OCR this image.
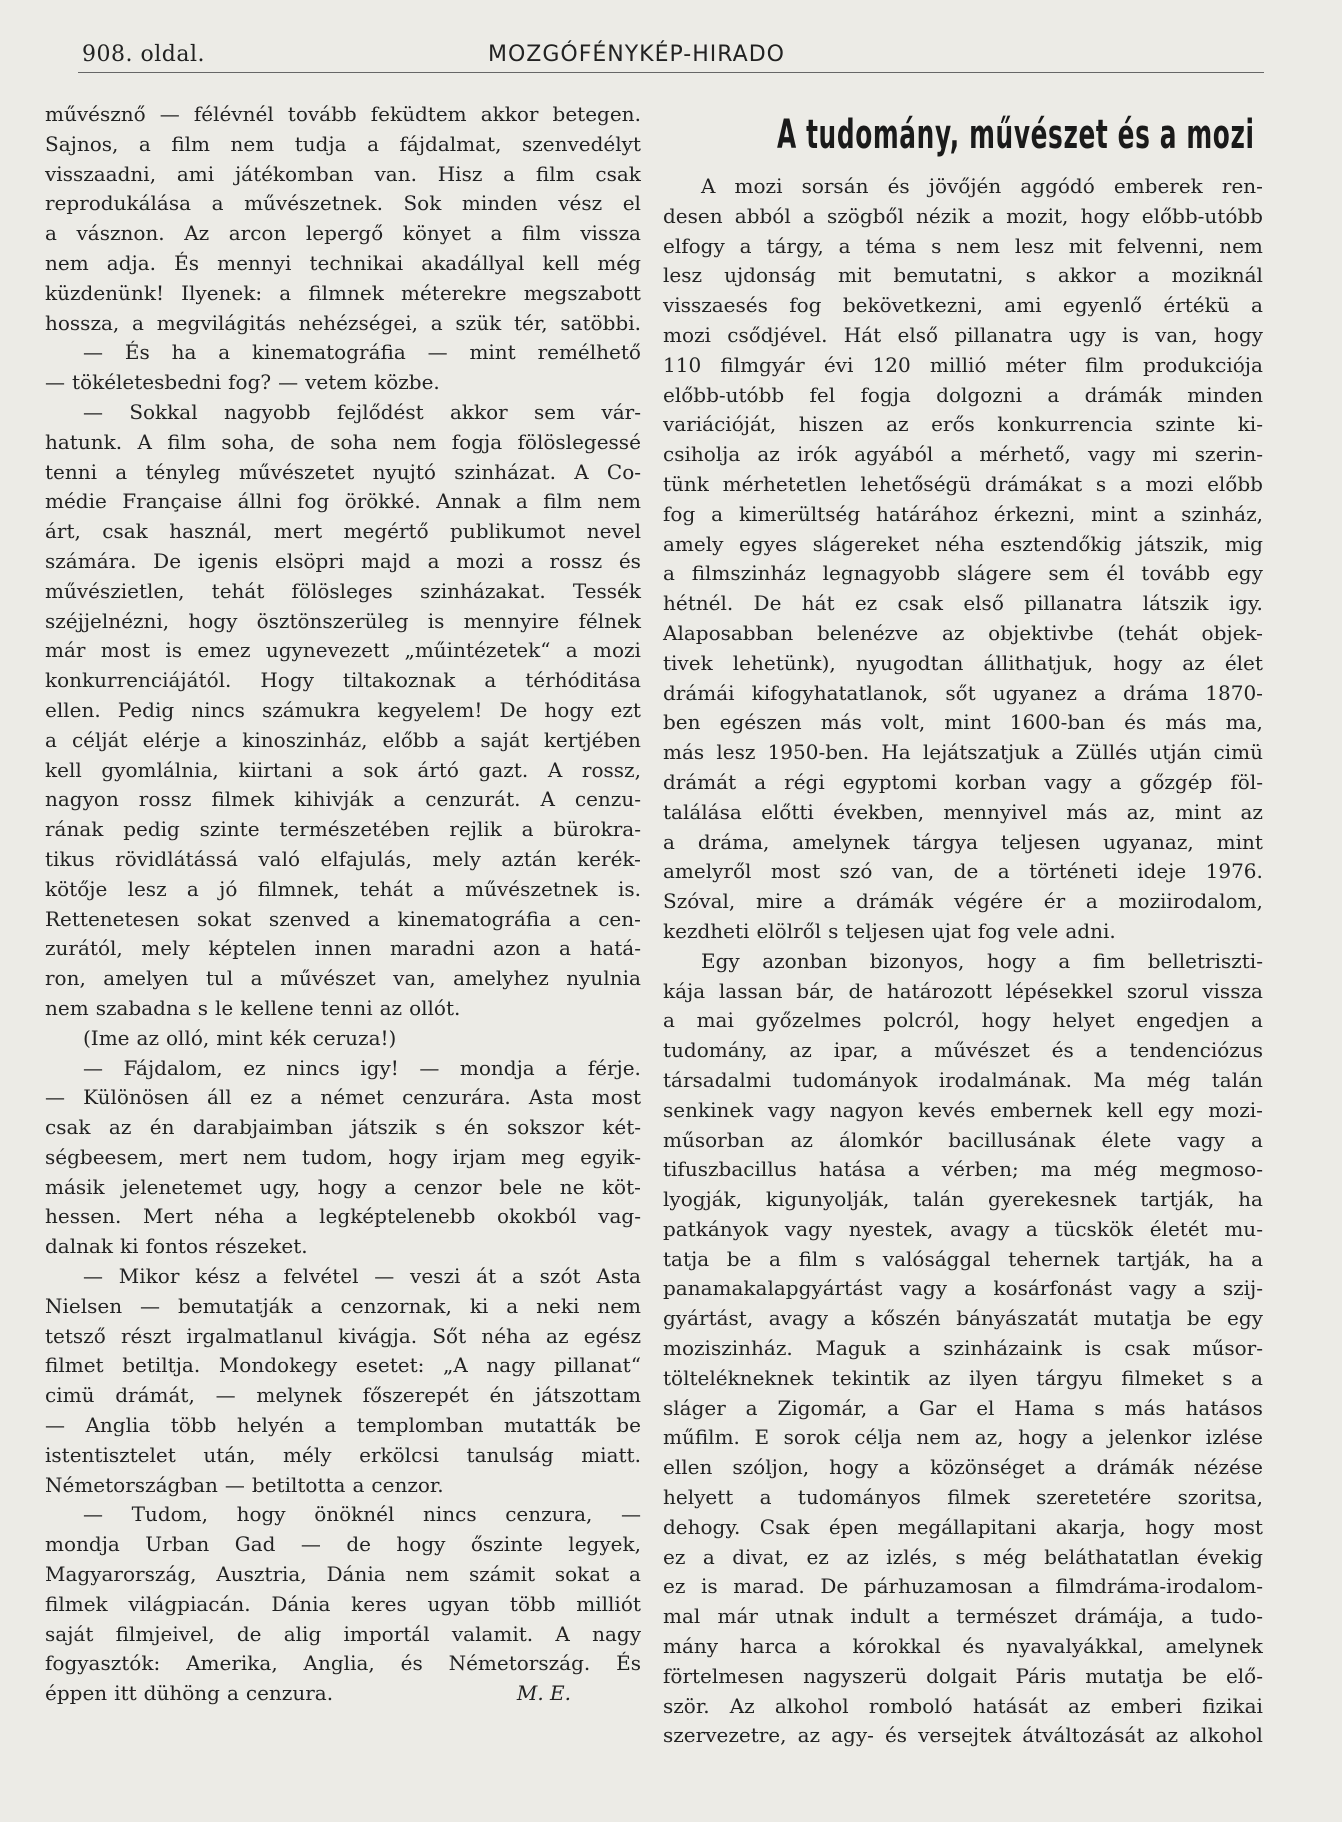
908. oldal.	MOZGÓFÉNYKÉP-HIRADO
művésznő — félévnél tovább feküdtem akkor betegen.
Sajnos, a film nem tudja a fájdalmat, szenvedélyt
visszaadni, ami játékomban van. Hisz a film csak
reprodukálása a művészetnek. Sok minden vész el
a vásznon. Az arcon lepergő könyet a film vissza
nem adja. És mennyi technikai akadállyal kell még
küzdenünk! Ilyenek: a filmnek méterekre megszabott
hossza, a megvilágitás nehézségei, a szük tér, satöbbi.
— És ha a kinematográfia — mint remélhető
— tökéletesbedni fog? — vetem közbe.
— Sokkal nagyobb fejlődést akkor sem vár-
hatunk. A film soha, de soha nem fogja fölöslegessé
tenni a tényleg művészetet nyujtó szinházat. A Co-
médie Française állni fog örökké. Annak a film nem
árt, csak használ, mert megértő publikumot nevel
számára. De igenis elsöpri majd a mozi a rossz és
művészietlen, tehát fölösleges szinházakat. Tessék
széjjelnézni, hogy ösztönszerüleg is mennyire félnek
már most is emez ugynevezett „műintézetek“ a mozi
konkurrenciájától. Hogy tiltakoznak a térhóditása
ellen. Pedig nincs számukra kegyelem! De hogy ezt
a célját elérje a kinoszinház, előbb a saját kertjében
kell gyomlálnia, kiirtani a sok ártó gazt. A rossz,
nagyon rossz filmek kihivják a cenzurát. A cenzu-
rának pedig szinte természetében rejlik a bürokra-
tikus rövidlátássá való elfajulás, mely aztán kerék-
kötője lesz a jó filmnek, tehát a művészetnek is.
Rettenetesen sokat szenved a kinematográfia a cen-
zurától, mely képtelen innen maradni azon a hatá-
ron, amelyen tul a művészet van, amelyhez nyulnia
nem szabadna s le kellene tenni az ollót.
(Ime az olló, mint kék ceruza!)
— Fájdalom, ez nincs igy! — mondja a férje.
— Különösen áll ez a német cenzurára. Asta most
csak az én darabjaimban játszik s én sokszor két-
ségbeesem, mert nem tudom, hogy irjam meg egyik-
másik jelenetemet ugy, hogy a cenzor bele ne köt-
hessen. Mert néha a legképtelenebb okokból vag-
dalnak ki fontos részeket.
— Mikor kész a felvétel — veszi át a szót Asta
Nielsen — bemutatják a cenzornak, ki a neki nem
tetsző részt irgalmatlanul kivágja. Sőt néha az egész
filmet betiltja. Mondokegy esetet: „A nagy pillanat“
cimü drámát, — melynek főszerepét én játszottam
— Anglia több helyén a templomban mutatták be
istentisztelet után, mély erkölcsi tanulság miatt.
Németországban — betiltotta a cenzor.
— Tudom, hogy önöknél nincs cenzura, —
mondja Urban Gad — de hogy őszinte legyek,
Magyarország, Ausztria, Dánia nem számit sokat a
filmek világpiacán. Dánia keres ugyan több milliót
saját filmjeivel, de alig importál valamit. A nagy
fogyasztók: Amerika, Anglia, és Németország. És
éppen itt dühöng a cenzura.	M. E.
A tudomány, művészet és a mozi
A mozi sorsán és jövőjén aggódó emberek ren-
desen abból a szögből nézik a mozit, hogy előbb-utóbb
elfogy a tárgy, a téma s nem lesz mit felvenni, nem
lesz ujdonság mit bemutatni, s akkor a moziknál
visszaesés fog bekövetkezni, ami egyenlő értékü a
mozi csődjével. Hát első pillanatra ugy is van, hogy
110 filmgyár évi 120 millió méter film produkciója
előbb-utóbb fel fogja dolgozni a drámák minden
variációját, hiszen az erős konkurrencia szinte ki-
csiholja az irók agyából a mérhető, vagy mi szerin-
tünk mérhetetlen lehetőségü drámákat s a mozi előbb
fog a kimerültség határához érkezni, mint a szinház,
amely egyes slágereket néha esztendőkig játszik, mig
a filmszinház legnagyobb slágere sem él tovább egy
hétnél. De hát ez csak első pillanatra látszik igy.
Alaposabban belenézve az objektivbe (tehát objek-
tivek lehetünk), nyugodtan állithatjuk, hogy az élet
drámái kifogyhatatlanok, sőt ugyanez a dráma 1870-
ben egészen más volt, mint 1600-ban és más ma,
más lesz 1950-ben. Ha lejátszatjuk a Züllés utján cimü
drámát a régi egyptomi korban vagy a gőzgép föl-
találása előtti években, mennyivel más az, mint az
a dráma, amelynek tárgya teljesen ugyanaz, mint
amelyről most szó van, de a történeti ideje 1976.
Szóval, mire a drámák végére ér a moziirodalom,
kezdheti elölről s teljesen ujat fog vele adni.
Egy azonban bizonyos, hogy a fim belletriszti-
kája lassan bár, de határozott lépésekkel szorul vissza
a mai győzelmes polcról, hogy helyet engedjen a
tudomány, az ipar, a művészet és a tendenciózus
társadalmi tudományok irodalmának. Ma még talán
senkinek vagy nagyon kevés embernek kell egy mozi-
műsorban az álomkór bacillusának élete vagy a
tifuszbacillus hatása a vérben; ma még megmoso-
lyogják, kigunyolják, talán gyerekesnek tartják, ha
patkányok vagy nyestek, avagy a tücskök életét mu-
tatja be a film s valósággal tehernek tartják, ha a
panamakalapgyártást vagy a kosárfonást vagy a szij-
gyártást, avagy a kőszén bányászatát mutatja be egy
moziszinház. Maguk a szinházaink is csak műsor-
töltelékneknek tekintik az ilyen tárgyu filmeket s a
sláger a Zigomár, a Gar el Hama s más hatásos
műfilm. E sorok célja nem az, hogy a jelenkor izlése
ellen szóljon, hogy a közönséget a drámák nézése
helyett a tudományos filmek szeretetére szoritsa,
dehogy. Csak épen megállapitani akarja, hogy most
ez a divat, ez az izlés, s még beláthatatlan évekig
ez is marad. De párhuzamosan a filmdráma-irodalom-
mal már utnak indult a természet drámája, a tudo-
mány harca a kórokkal és nyavalyákkal, amelynek
förtelmesen nagyszerü dolgait Páris mutatja be elő-
ször. Az alkohol romboló hatását az emberi fizikai
szervezetre, az agy- és versejtek átváltozását az alkohol
